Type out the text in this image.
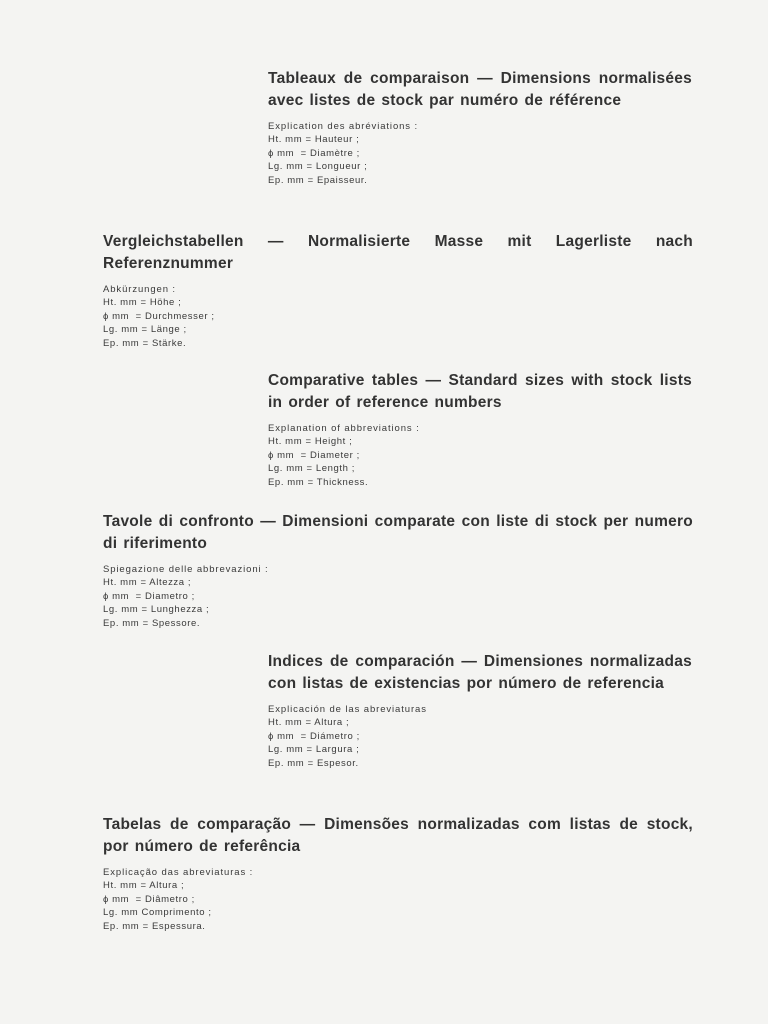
Tableaux de comparaison — Dimensions normalisées avec listes de stock par numéro de référence
Explication des abréviations :
Ht. mm = Hauteur ;
ϕ mm  = Diamètre ;
Lg. mm = Longueur ;
Ep. mm = Epaisseur.
Vergleichstabellen — Normalisierte Masse mit Lagerliste nach Referenznummer
Abkürzungen :
Ht. mm = Höhe ;
ϕ mm  = Durchmesser ;
Lg. mm = Länge ;
Ep. mm = Stärke.
Comparative tables — Standard sizes with stock lists in order of reference numbers
Explanation of abbreviations :
Ht. mm = Height ;
ϕ mm  = Diameter ;
Lg. mm = Length ;
Ep. mm = Thickness.
Tavole di confronto — Dimensioni comparate con liste di stock per numero di riferimento
Spiegazione delle abbrevazioni :
Ht. mm = Altezza ;
ϕ mm  = Diametro ;
Lg. mm = Lunghezza ;
Ep. mm = Spessore.
Indices de comparación — Dimensiones normalizadas con listas de existencias por número de referencia
Explicación de las abreviaturas
Ht. mm = Altura ;
ϕ mm  = Diámetro ;
Lg. mm = Largura ;
Ep. mm = Espesor.
Tabelas de comparação — Dimensões normalizadas com listas de stock, por número de referência
Explicação das abreviaturas :
Ht. mm = Altura ;
ϕ mm  = Diâmetro ;
Lg. mm Comprimento ;
Ep. mm = Espessura.
